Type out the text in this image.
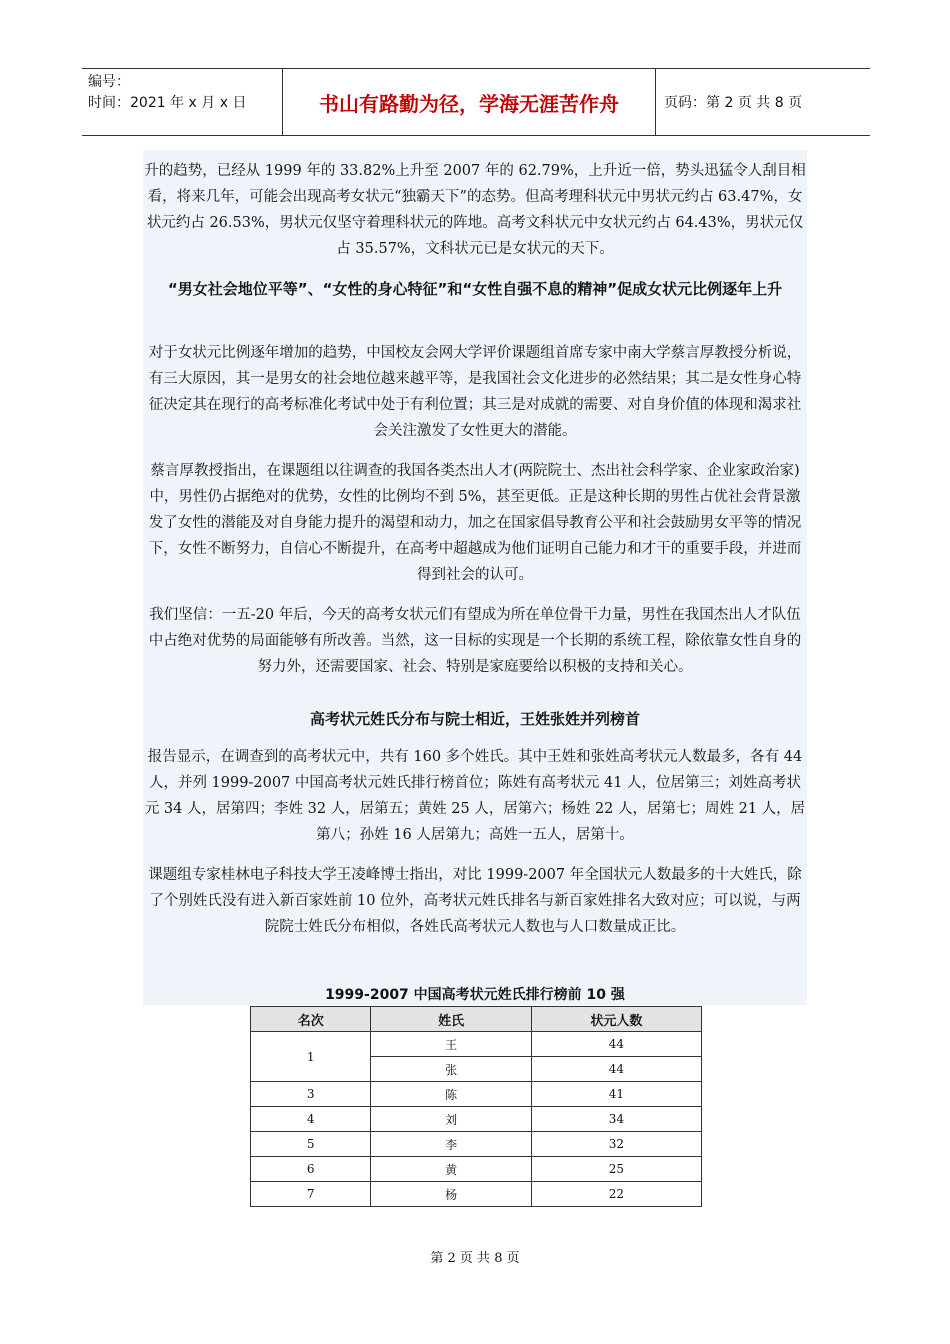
编号：
时间：2021 年 x 月 x 日	书山有路勤为径，学海无涯苦作舟	页码：第 2 页 共 8 页

升的趋势，已经从 1999 年的 33.82%上升至 2007 年的 62.79%，上升近一倍，势头迅猛令人刮目相看，将来几年，可能会出现高考女状元“独霸天下”的态势。但高考理科状元中男状元约占 63.47%，女状元约占 26.53%，男状元仅坚守着理科状元的阵地。高考文科状元中女状元约占 64.43%，男状元仅占 35.57%，文科状元已是女状元的天下。

“男女社会地位平等”、“女性的身心特征”和“女性自强不息的精神”促成女状元比例逐年上升

对于女状元比例逐年增加的趋势，中国校友会网大学评价课题组首席专家中南大学蔡言厚教授分析说，有三大原因，其一是男女的社会地位越来越平等，是我国社会文化进步的必然结果；其二是女性身心特征决定其在现行的高考标准化考试中处于有利位置；其三是对成就的需要、对自身价值的体现和渴求社会关注激发了女性更大的潜能。

蔡言厚教授指出，在课题组以往调查的我国各类杰出人才(两院院士、杰出社会科学家、企业家政治家)中，男性仍占据绝对的优势，女性的比例均不到 5%，甚至更低。正是这种长期的男性占优社会背景激发了女性的潜能及对自身能力提升的渴望和动力，加之在国家倡导教育公平和社会鼓励男女平等的情况下，女性不断努力，自信心不断提升，在高考中超越成为他们证明自己能力和才干的重要手段，并进而得到社会的认可。

我们坚信：一五-20 年后，今天的高考女状元们有望成为所在单位骨干力量，男性在我国杰出人才队伍中占绝对优势的局面能够有所改善。当然，这一目标的实现是一个长期的系统工程，除依靠女性自身的努力外，还需要国家、社会、特别是家庭要给以积极的支持和关心。

高考状元姓氏分布与院士相近，王姓张姓并列榜首

报告显示，在调查到的高考状元中，共有 160 多个姓氏。其中王姓和张姓高考状元人数最多，各有 44 人，并列 1999-2007 中国高考状元姓氏排行榜首位；陈姓有高考状元 41 人，位居第三；刘姓高考状元 34 人，居第四；李姓 32 人，居第五；黄姓 25 人，居第六；杨姓 22 人，居第七；周姓 21 人，居第八；孙姓 16 人居第九；高姓一五人，居第十。

课题组专家桂林电子科技大学王凌峰博士指出，对比 1999-2007 年全国状元人数最多的十大姓氏，除了个别姓氏没有进入新百家姓前 10 位外，高考状元姓氏排名与新百家姓排名大致对应；可以说，与两院院士姓氏分布相似，各姓氏高考状元人数也与人口数量成正比。

1999-2007 中国高考状元姓氏排行榜前 10 强
名次	姓氏	状元人数
1	王	44
	张	44
3	陈	41
4	刘	34
5	李	32
6	黄	25
7	杨	22
第 2 页 共 8 页
